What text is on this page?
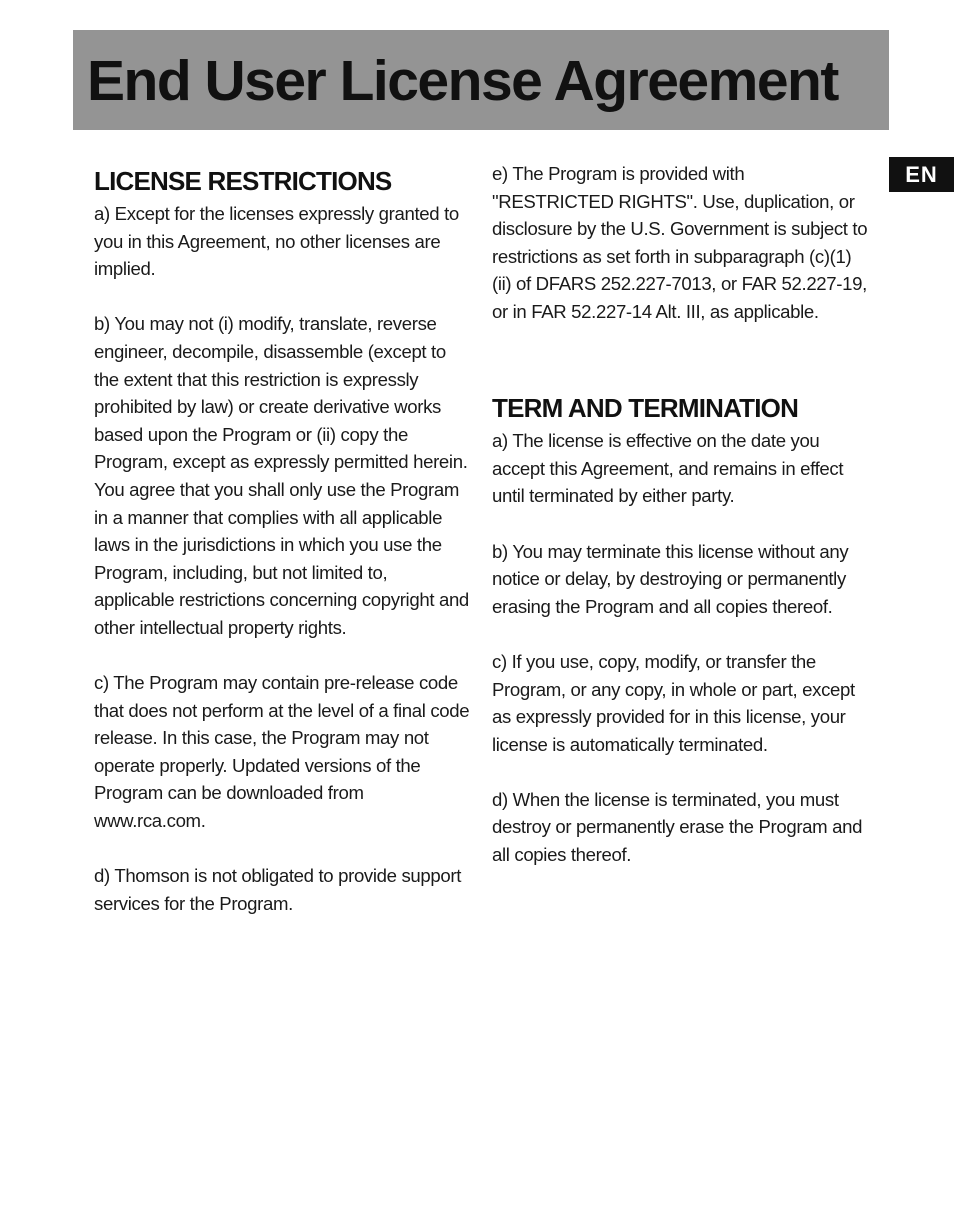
End User License Agreement
EN
LICENSE RESTRICTIONS

a) Except for the licenses expressly granted to you in this Agreement, no other licenses are implied.

b) You may not (i) modify, translate, reverse engineer, decompile, disassemble (except to the extent that this restriction is expressly prohibited by law) or create derivative works based upon the Program or (ii) copy the Program, except as expressly permitted herein. You agree that you shall only use the Program in a manner that complies with all applicable laws in the jurisdictions in which you use the Program, including, but not limited to, applicable restrictions concerning copyright and other intellectual property rights.

c) The Program may contain pre-release code that does not perform at the level of a final code release. In this case, the Program may not operate properly. Updated versions of the Program can be downloaded from www.rca.com.

d) Thomson is not obligated to provide support services for the Program.

e) The Program is provided with "RESTRICTED RIGHTS". Use, duplication, or disclosure by the U.S. Government is subject to restrictions as set forth in subparagraph (c)(1)(ii) of DFARS 252.227-7013, or FAR 52.227-19, or in FAR 52.227-14 Alt. III, as applicable.

TERM AND TERMINATION

a) The license is effective on the date you accept this Agreement, and remains in effect until terminated by either party.

b) You may terminate this license without any notice or delay, by destroying or permanently erasing the Program and all copies thereof.

c) If you use, copy, modify, or transfer the Program, or any copy, in whole or part, except as expressly provided for in this license, your license is automatically terminated.

d) When the license is terminated, you must destroy or permanently erase the Program and all copies thereof.
